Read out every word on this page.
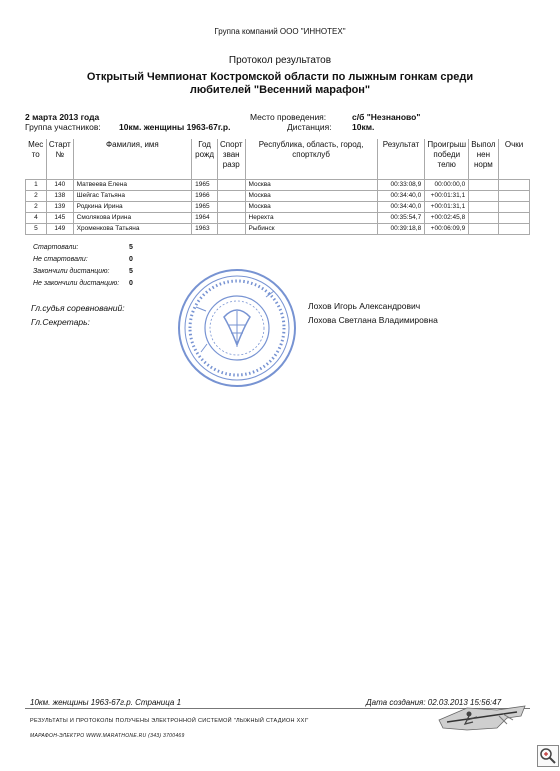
Группа компаний ООО "ИННОТЕХ"
Протокол результатов
Открытый Чемпионат Костромской области по лыжным гонкам среди
любителей "Весенний марафон"
2 марта 2013 года
Группа участников: 10км. женщины 1963-67г.р.
Место проведения:	с/б "Незнаново"
Дистанция: 10км.
Мес то	Старт №	Фамилия, имя	Год рожд	Спорт зван разр	Республика, область, город, спортклуб	Результат	Проигрыш победи телю	Выпол нен норм	Очки
1	140	Матвеева Елена	1965		Москва	00:33:08,9	00:00:00,0		
2	138	Шейгас Татьяна	1966		Москва	00:34:40,0	+00:01:31,1		
2	139	Родкина Ирина	1965		Москва	00:34:40,0	+00:01:31,1		
4	145	Смолякова Ирина	1964		Нерехта	00:35:54,7	+00:02:45,8		
5	149	Хроменкова Татьяна	1963		Рыбинск	00:39:18,8	+00:06:09,9		
Стартовали:	5
Не стартовали:	0
Закончили дистанцию:	5
Не закончили дистанцию: 0
Гл.судья соревнований:	Лохов Игорь Александрович
Гл.Секретарь:	Лохова Светлана Владимировна
10км. женщины 1963-67г.р. Страница 1	Дата создания: 02.03.2013 15:56:47
РЕЗУЛЬТАТЫ И ПРОТОКОЛЫ ПОЛУЧЕНЫ ЭЛЕКТРОННОЙ СИСТЕМОЙ "ЛЫЖНЫЙ СТАДИОН XXI"
МАРАФОН-ЭЛЕКТРО WWW.MARATHONE.RU (343) 3700469
